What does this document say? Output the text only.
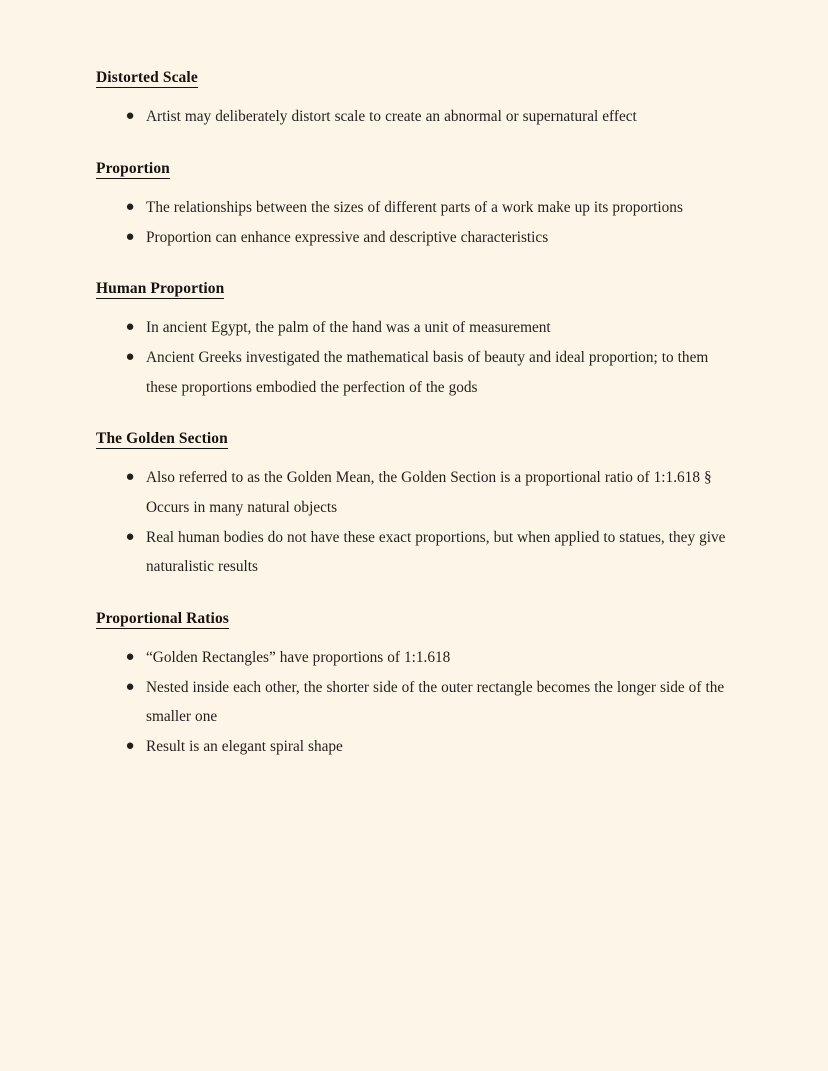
Distorted Scale
● Artist may deliberately distort scale to create an abnormal or supernatural effect
Proportion
● The relationships between the sizes of different parts of a work make up its proportions
● Proportion can enhance expressive and descriptive characteristics
Human Proportion
● In ancient Egypt, the palm of the hand was a unit of measurement
● Ancient Greeks investigated the mathematical basis of beauty and ideal proportion; to them these proportions embodied the perfection of the gods
The Golden Section
● Also referred to as the Golden Mean, the Golden Section is a proportional ratio of 1:1.618 § Occurs in many natural objects
● Real human bodies do not have these exact proportions, but when applied to statues, they give naturalistic results
Proportional Ratios
● “Golden Rectangles” have proportions of 1:1.618
● Nested inside each other, the shorter side of the outer rectangle becomes the longer side of the smaller one
● Result is an elegant spiral shape
